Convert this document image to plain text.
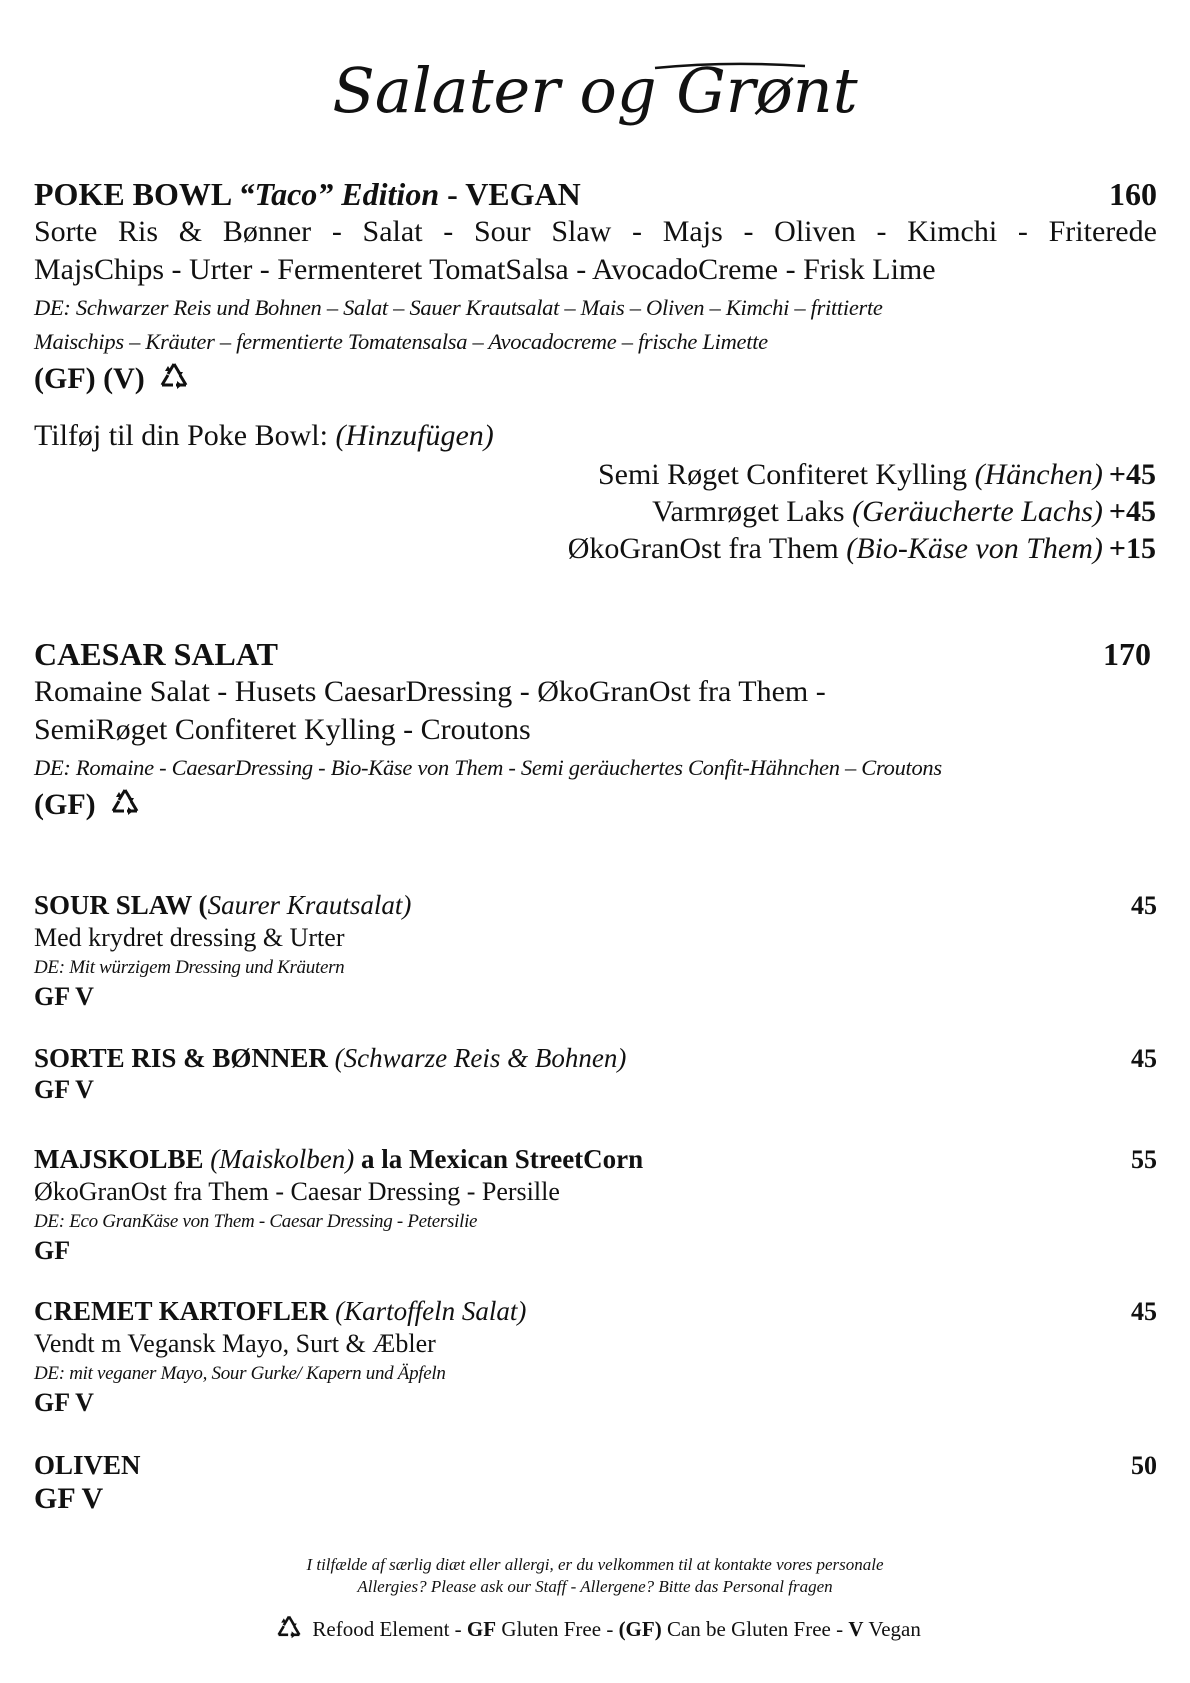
Salater og Grønt
POKE BOWL “Taco” Edition - VEGAN	160
Sorte Ris & Bønner - Salat - Sour Slaw - Majs - Oliven - Kimchi - Friterede
MajsChips - Urter - Fermenteret TomatSalsa - AvocadoCreme - Frisk Lime
DE: Schwarzer Reis und Bohnen – Salat – Sauer Krautsalat – Mais – Oliven – Kimchi – frittierte
Maischips – Kräuter – fermentierte Tomatensalsa – Avocadocreme – frische Limette
(GF) (V)
Tilføj til din Poke Bowl: (Hinzufügen)
Semi Røget Confiteret Kylling (Hänchen) +45
Varmrøget Laks (Geräucherte Lachs) +45
ØkoGranOst fra Them (Bio-Käse von Them) +15
CAESAR SALAT	170
Romaine Salat - Husets CaesarDressing - ØkoGranOst fra Them -
SemiRøget Confiteret Kylling - Croutons
DE: Romaine - CaesarDressing - Bio-Käse von Them - Semi geräuchertes Confit-Hähnchen – Croutons
(GF)
SOUR SLAW (Saurer Krautsalat)	45
Med krydret dressing & Urter
DE: Mit würzigem Dressing und Kräutern
GF V
SORTE RIS & BØNNER (Schwarze Reis & Bohnen)	45
GF V
MAJSKOLBE (Maiskolben) a la Mexican StreetCorn	55
ØkoGranOst fra Them - Caesar Dressing - Persille
DE: Eco GranKäse von Them - Caesar Dressing - Petersilie
GF
CREMET KARTOFLER (Kartoffeln Salat)	45
Vendt m Vegansk Mayo, Surt & Æbler
DE: mit veganer Mayo, Sour Gurke/ Kapern und Äpfeln
GF V
OLIVEN	50
GF V
I tilfælde af særlig diæt eller allergi, er du velkommen til at kontakte vores personale
Allergies? Please ask our Staff - Allergene? Bitte das Personal fragen
Refood Element - GF Gluten Free - (GF) Can be Gluten Free - V Vegan
